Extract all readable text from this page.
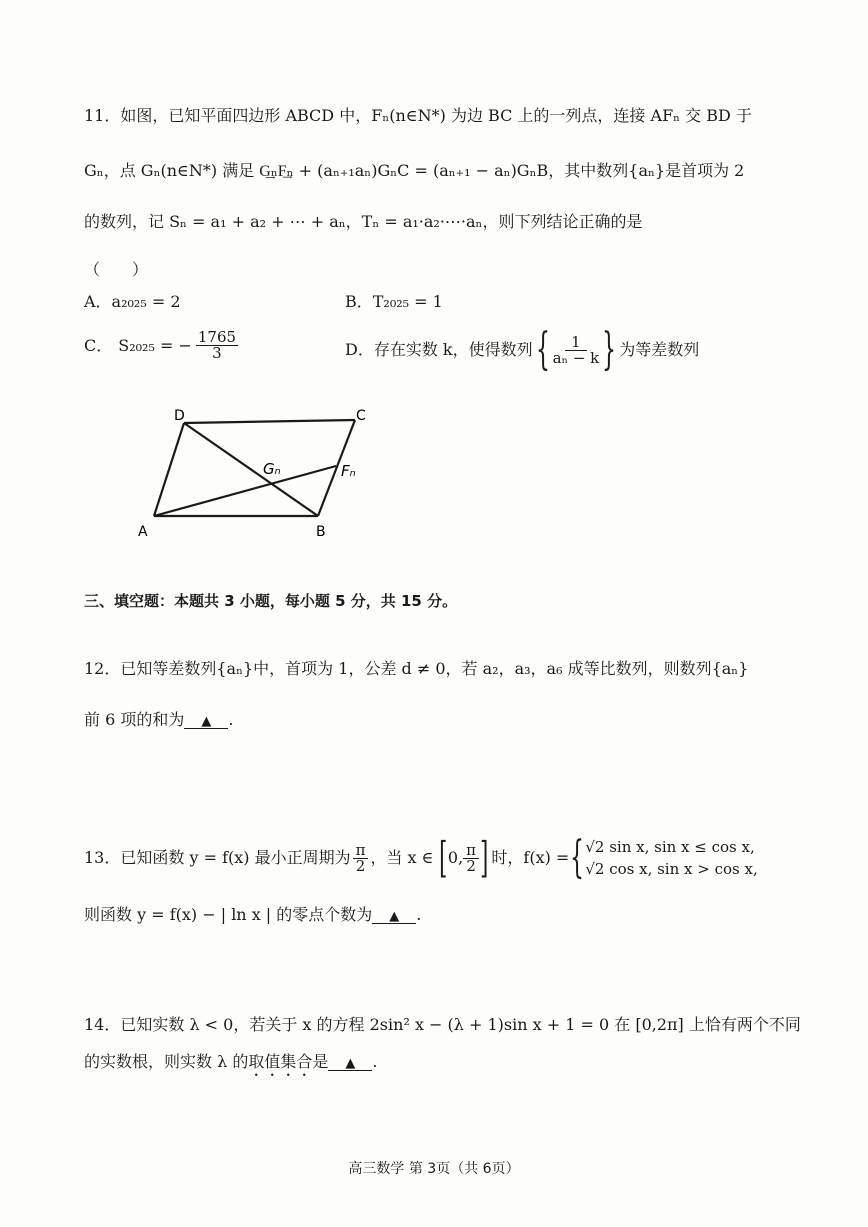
11．如图，已知平面四边形 ABCD 中，Fₙ(n∈N*) 为边 BC 上的一列点，连接 AFₙ 交 BD 于
Gₙ，点 Gₙ(n∈N*) 满足 G͢ₙF͢ₙ + (aₙ₊₁aₙ)GₙC = (aₙ₊₁ − aₙ)GₙB，其中数列{aₙ}是首项为 2
的数列，记 Sₙ = a₁ + a₂ + ⋯ + aₙ，Tₙ = a₁·a₂·⋯·aₙ，则下列结论正确的是
（　　）
A．a₂₀₂₅ = 2	B．T₂₀₂₅ = 1
C． S₂₀₂₅ = − $\frac{1765}{3}$	D．存在实数 k，使得数列 { $\frac{1}{\text{aₙ − k}}$ } 为等差数列
D	C
A	B
Gₙ	Fₙ
三、填空题：本题共 3 小题，每小题 5 分，共 15 分。
12．已知等差数列{aₙ}中，首项为 1，公差 d ≠ 0，若 a₂，a₃，a₆ 成等比数列，则数列{aₙ}
前 6 项的和为 ▲ .
13．已知函数 y = f(x) 最小正周期为 $\frac{\pi}{2}$ ，当 x ∈ [ 0, $\frac{\pi}{2}$ ] 时，f(x) = { √2 sin x, sin x ≤ cos x,
√2 cos x, sin x > cos x,
则函数 y = f(x) − | ln x | 的零点个数为 ▲ .
14．已知实数 λ < 0，若关于 x 的方程 2sin² x − (λ + 1)sin x + 1 = 0 在 [0,2π] 上恰有两个不同
的实数根，则实数 λ 的取值集合是 ▲ .
高三数学 第 3页（共 6页）
